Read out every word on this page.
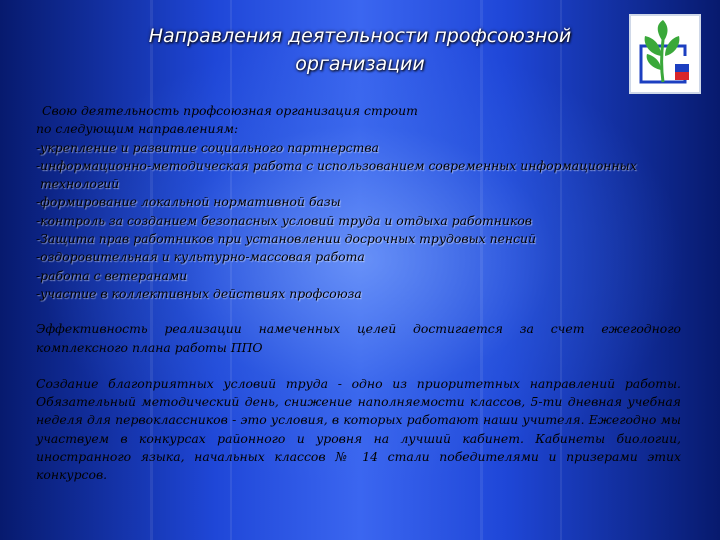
Направления деятельности профсоюзной
организации
Свою деятельность профсоюзная организация строит
по следующим направлениям:
-укрепление и развитие социального партнерства
-информационно-методическая работа с использованием современных информационных
технологий
-формирование локальной нормативной базы
-контроль за созданием безопасных условий труда и отдыха работников
-Защита прав работников при установлении досрочных трудовых пенсий
-оздоровительная и культурно-массовая работа
-работа с ветеранами
-участие в коллективных действиях профсоюза
Эффективность реализации намеченных целей достигается за счет ежегодного
комплексного плана работы ППО
Создание благоприятных условий труда - одно из приоритетных направлений работы. Обязательный методический день, снижение наполняемости классов, 5-ти дневная учебная неделя для первоклассников - это условия, в которых работают наши учителя. Ежегодно мы участвуем в конкурсах районного и уровня на лучший кабинет. Кабинеты биологии, иностранного языка, начальных классов № 14 стали победителями и призерами этих конкурсов.
